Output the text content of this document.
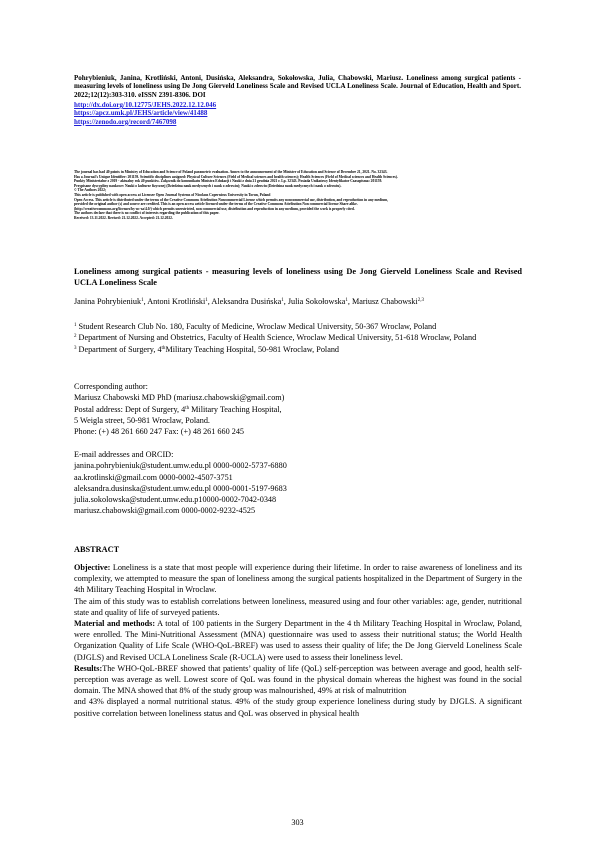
Pohrybieniuk, Janina, Krotliński, Antoni, Dusińska, Aleksandra, Sokołowska, Julia, Chabowski, Mariusz. Loneliness among surgical patients - measuring levels of loneliness using De Jong Gierveld Loneliness Scale and Revised UCLA Loneliness Scale. Journal of Education, Health and Sport. 2022;12(12):303-310. eISSN 2391-8306. DOI
http://dx.doi.org/10.12775/JEHS.2022.12.12.046
https://apcz.umk.pl/JEHS/article/view/41488
https://zenodo.org/record/7467098
The journal has had 40 points in Ministry of Education and Science of Poland parametric evaluation. Annex to the announcement of the Minister of Education and Science of December 21, 2021. No. 32343.
Has a Journal's Unique Identifier: 201159. Scientific disciplines assigned: Physical Culture Sciences (Field of Medical sciences and health sciences); Health Sciences (Field of Medical sciences and Health Sciences).
Punkty Ministerialne z 2019 - aktualny rok 40 punktów. Załącznik do komunikatu Ministra Edukacji i Nauki z dnia 21 grudnia 2021 r. Lp. 32343. Posiada Unikatowy Identyfikator Czasopisma: 201159.
Przypisane dyscypliny naukowe: Nauki o kulturze fizycznej (Dziedzina nauk medycznych i nauk o zdrowiu); Nauki o zdrowiu (Dziedzina nauk medycznych i nauk o zdrowiu).
© The Authors 2022;
This article is published with open access at Licensee Open Journal Systems of Nicolaus Copernicus University in Torun, Poland
Open Access. This article is distributed under the terms of the Creative Commons Attribution Noncommercial License which permits any noncommercial use, distribution, and reproduction in any medium,
provided the original author (s) and source are credited. This is an open access article licensed under the terms of the Creative Commons Attribution Non commercial license Share alike.
(http://creativecommons.org/licenses/by-nc-sa/4.0/) which permits unrestricted, non commercial use, distribution and reproduction in any medium, provided the work is properly cited.
The authors declare that there is no conflict of interests regarding the publication of this paper.
Received: 13.11.2022. Revised: 21.12.2022. Accepted: 21.12.2022.
Loneliness among surgical patients - measuring levels of loneliness using De Jong Gierveld Loneliness Scale and Revised UCLA Loneliness Scale
Janina Pohrybieniuk$^1$, Antoni Krotliński$^1$, Aleksandra Dusińska$^1$, Julia Sokołowska$^1$, Mariusz Chabowski$^{2,3}$

$^1$ Student Research Club No. 180, Faculty of Medicine, Wroclaw Medical University, 50-367 Wroclaw, Poland

$^2$ Department of Nursing and Obstetrics, Faculty of Health Science, Wroclaw Medical University, 51-618 Wroclaw, Poland

$^3$ Department of Surgery, 4thMilitary Teaching Hospital, 50-981 Wroclaw, Poland

Corresponding author:
Mariusz Chabowski MD PhD (mariusz.chabowski@gmail.com)
Postal address: Dept of Surgery, 4th Military Teaching Hospital,
5 Weigla street, 50-981 Wroclaw, Poland.
Phone: (+) 48 261 660 247 Fax: (+) 48 261 660 245
E-mail addresses and ORCID:
janina.pohrybieniuk@student.umw.edu.pl 0000-0002-5737-6880
aa.krotlinski@gmail.com 0000-0002-4507-3751
aleksandra.dusinska@student.umw.edu.pl 0000-0001-5197-9683
julia.sokolowska@student.umw.edu.p10000-0002-7042-0348
mariusz.chabowski@gmail.com 0000-0002-9232-4525
ABSTRACT

Objective: Loneliness is a state that most people will experience during their lifetime. In order to raise awareness of loneliness and its complexity, we attempted to measure the span of loneliness among the surgical patients hospitalized in the Department of Surgery in the 4th Military Teaching Hospital in Wroclaw.

The aim of this study was to establish correlations between loneliness, measured using and four other variables: age, gender, nutritional state and quality of life of surveyed patients.

Material and methods: A total of 100 patients in the Surgery Department in the 4 th Military Teaching Hospital in Wroclaw, Poland, were enrolled. The Mini-Nutritional Assessment (MNA) questionnaire was used to assess their nutritional status; the World Health Organization Quality of Life Scale (WHO-QoL-BREF) was used to assess their quality of life; the De Jong Gierveld Loneliness Scale (DJGLS) and Revised UCLA Loneliness Scale (R-UCLA) were used to assess their loneliness level.

Results:The WHO-QoL-BREF showed that patients’ quality of life (QoL) self-perception was between average and good, health self-perception was average as well. Lowest score of QoL was found in the physical domain whereas the highest was found in the social domain. The MNA showed that 8% of the study group was malnourished, 49% at risk of malnutrition

and 43% displayed a normal nutritional status. 49% of the study group experience loneliness during study by DJGLS. A significant positive correlation between loneliness status and QoL was observed in physical health

303
